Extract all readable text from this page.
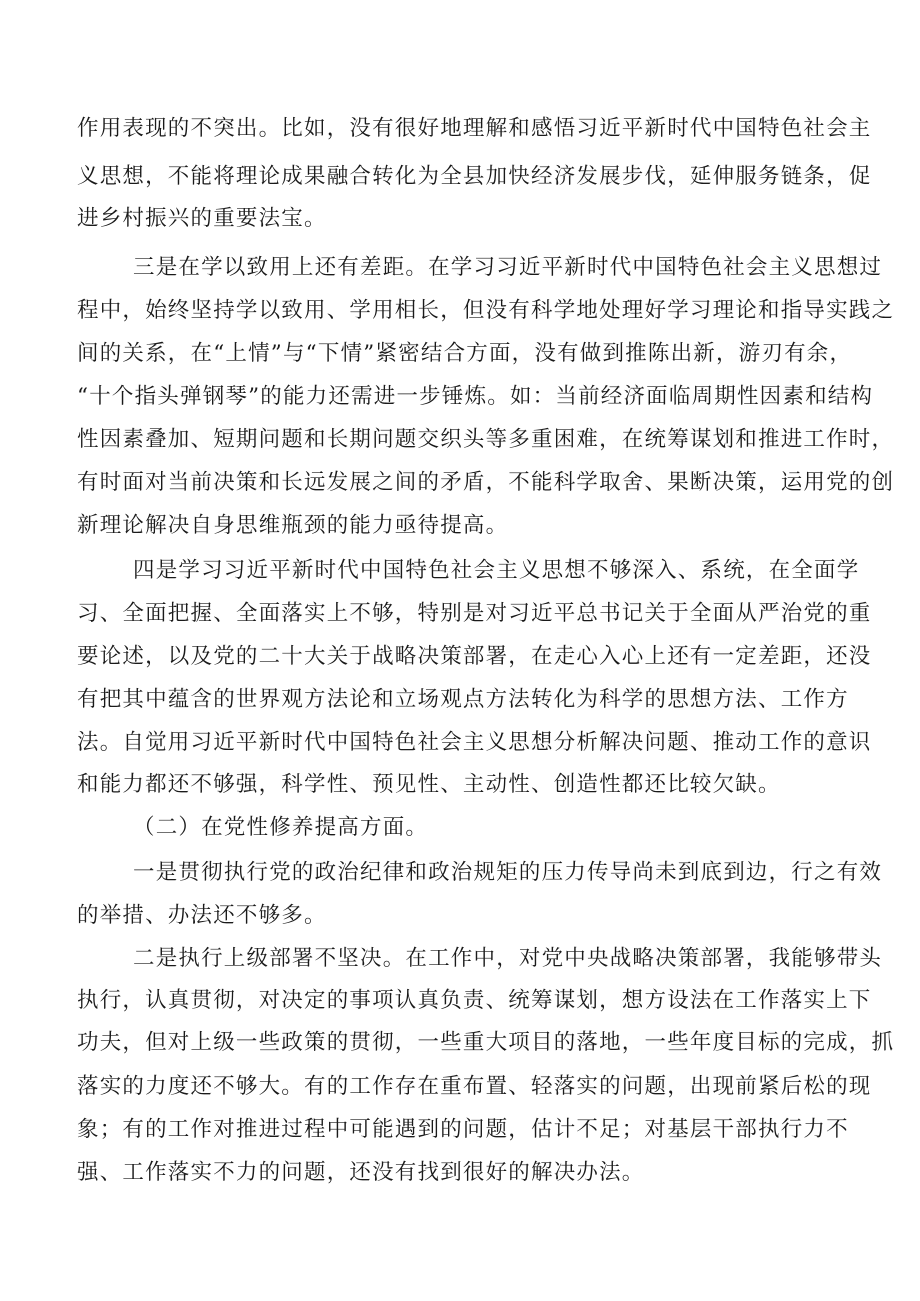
作用表现的不突出。比如，没有很好地理解和感悟习近平新时代中国特色社会主
义思想，不能将理论成果融合转化为全县加快经济发展步伐，延伸服务链条，促
进乡村振兴的重要法宝。
三是在学以致用上还有差距。在学习习近平新时代中国特色社会主义思想过
程中，始终坚持学以致用、学用相长，但没有科学地处理好学习理论和指导实践之
间的关系，在“上情”与“下情”紧密结合方面，没有做到推陈出新，游刃有余，
“十个指头弹钢琴”的能力还需进一步锤炼。如：当前经济面临周期性因素和结构
性因素叠加、短期问题和长期问题交织头等多重困难，在统筹谋划和推进工作时，
有时面对当前决策和长远发展之间的矛盾，不能科学取舍、果断决策，运用党的创
新理论解决自身思维瓶颈的能力亟待提高。
四是学习习近平新时代中国特色社会主义思想不够深入、系统，在全面学
习、全面把握、全面落实上不够，特别是对习近平总书记关于全面从严治党的重
要论述，以及党的二十大关于战略决策部署，在走心入心上还有一定差距，还没
有把其中蕴含的世界观方法论和立场观点方法转化为科学的思想方法、工作方
法。自觉用习近平新时代中国特色社会主义思想分析解决问题、推动工作的意识
和能力都还不够强，科学性、预见性、主动性、创造性都还比较欠缺。
（二）在党性修养提高方面。
一是贯彻执行党的政治纪律和政治规矩的压力传导尚未到底到边，行之有效
的举措、办法还不够多。
二是执行上级部署不坚决。在工作中，对党中央战略决策部署，我能够带头
执行，认真贯彻，对决定的事项认真负责、统筹谋划，想方设法在工作落实上下
功夫，但对上级一些政策的贯彻，一些重大项目的落地，一些年度目标的完成，抓
落实的力度还不够大。有的工作存在重布置、轻落实的问题，出现前紧后松的现
象；有的工作对推进过程中可能遇到的问题，估计不足；对基层干部执行力不
强、工作落实不力的问题，还没有找到很好的解决办法。
